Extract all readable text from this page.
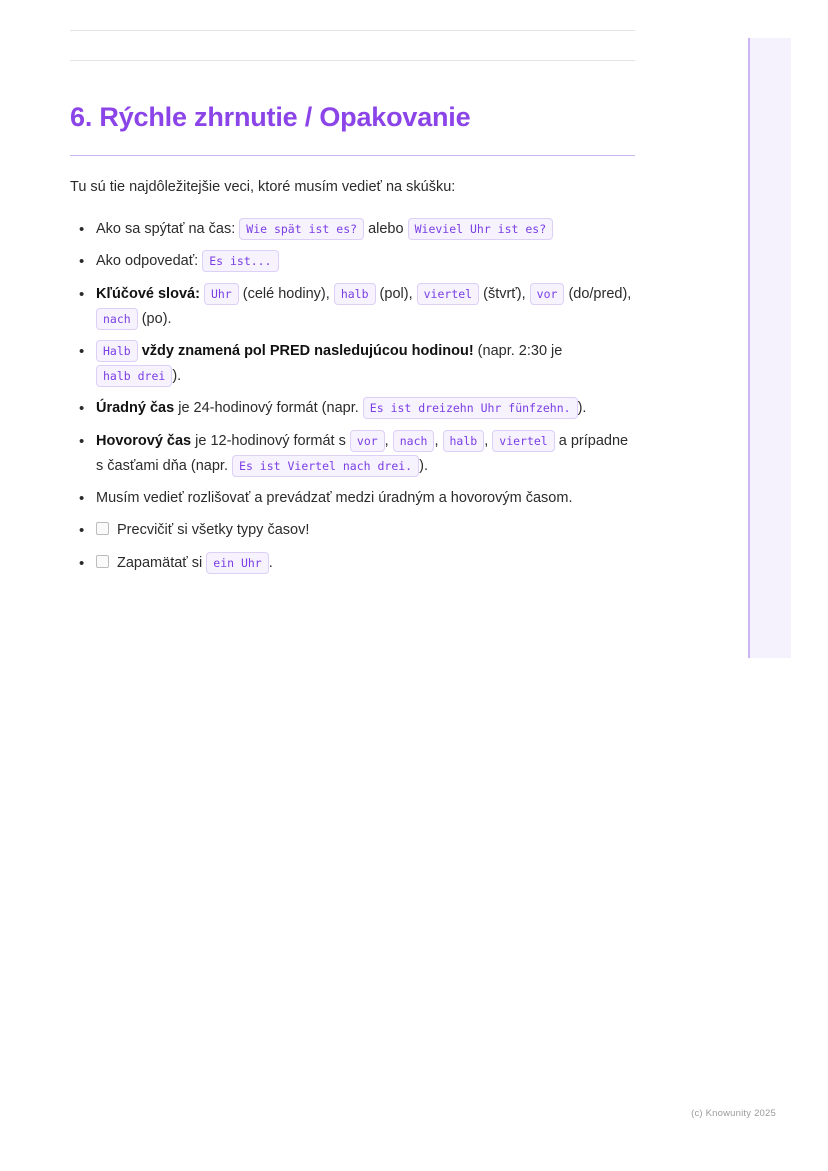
6. Rýchle zhrnutie / Opakovanie

Tu sú tie najdôležitejšie veci, ktoré musím vedieť na skúšku:

• Ako sa spýtať na čas: Wie spät ist es? alebo Wieviel Uhr ist es?
• Ako odpovedať: Es ist...
• Kľúčové slová: Uhr (celé hodiny), halb (pol), viertel (štvrť), vor (do/pred), nach (po).
• Halb vždy znamená pol PRED nasledujúcou hodinou! (napr. 2:30 je halb drei ).
• Úradný čas je 24-hodinový formát (napr. Es ist dreizehn Uhr fünfzehn. ).
• Hovorový čas je 12-hodinový formát s vor , nach , halb , viertel a prípadne s časťami dňa (napr. Es ist Viertel nach drei. ).
• Musím vedieť rozlišovať a prevádzať medzi úradným a hovorovým časom.
• Precvičiť si všetky typy časov!
• Zapamätať si ein Uhr .
(c) Knowunity 2025
